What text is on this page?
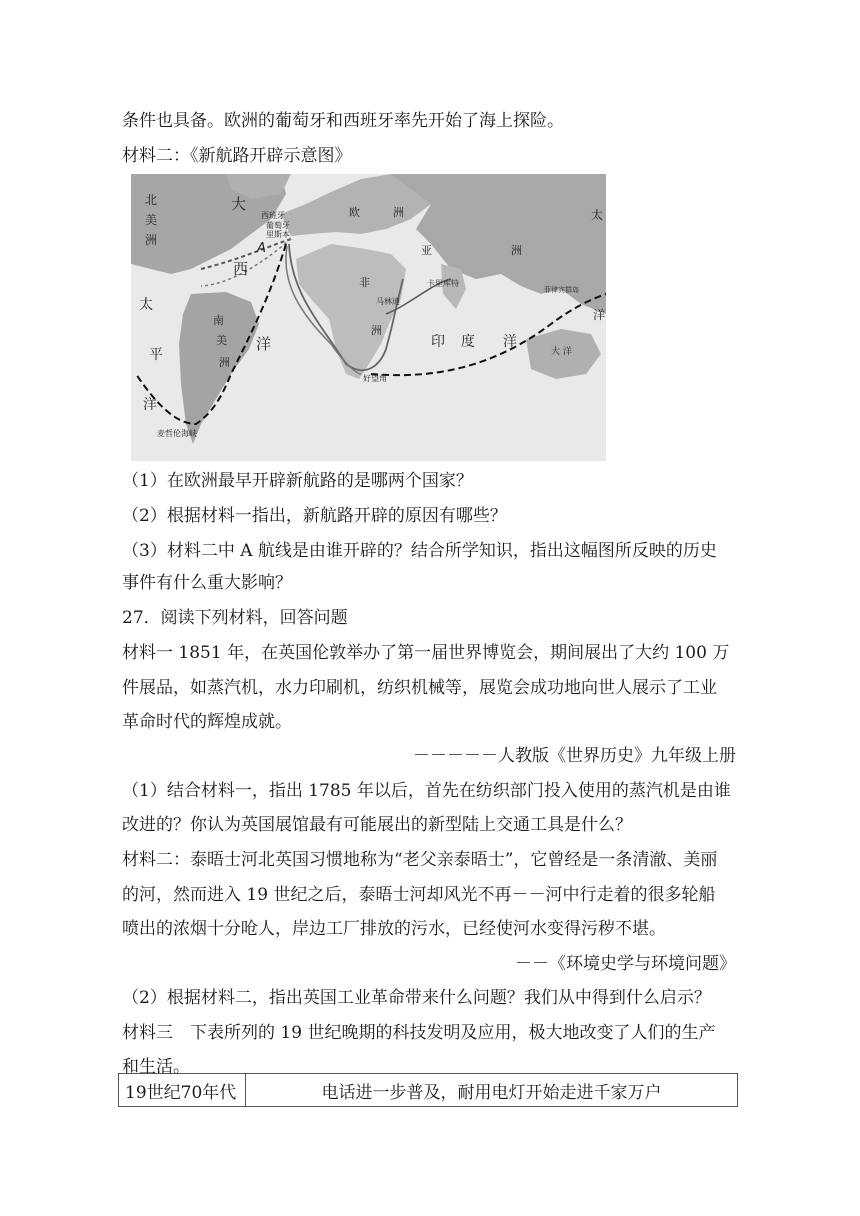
条件也具备。欧洲的葡萄牙和西班牙率先开始了海上探险。
材料二：《新航路开辟示意图》
北
美
洲
大
西
洋
欧	洲
西班牙
葡萄牙
里斯本
A	亚	洲
非
洲
南
美
洲
太
平
洋
太
洋
卡里库特
马林迪
印 度 洋
菲律宾群岛
大 洋
好望角
麦哲伦海峡
（1）在欧洲最早开辟新航路的是哪两个国家？
（2）根据材料一指出，新航路开辟的原因有哪些？
（3）材料二中 A 航线是由谁开辟的？结合所学知识，指出这幅图所反映的历史
事件有什么重大影响？
27．阅读下列材料，回答问题
材料一 1851 年，在英国伦敦举办了第一届世界博览会，期间展出了大约 100 万
件展品，如蒸汽机，水力印刷机，纺织机械等，展览会成功地向世人展示了工业
革命时代的辉煌成就。
－－－－－人教版《世界历史》九年级上册
（1）结合材料一，指出 1785 年以后，首先在纺织部门投入使用的蒸汽机是由谁
改进的？你认为英国展馆最有可能展出的新型陆上交通工具是什么？
材料二：泰晤士河北英国习惯地称为“老父亲泰晤士”，它曾经是一条清澈、美丽
的河，然而进入 19 世纪之后，泰晤士河却风光不再－－河中行走着的很多轮船
喷出的浓烟十分呛人，岸边工厂排放的污水，已经使河水变得污秽不堪。
－－《环境史学与环境问题》
（2）根据材料二，指出英国工业革命带来什么问题？我们从中得到什么启示？
材料三　下表所列的 19 世纪晚期的科技发明及应用，极大地改变了人们的生产
和生活。
19世纪70年代	电话进一步普及，耐用电灯开始走进千家万户
